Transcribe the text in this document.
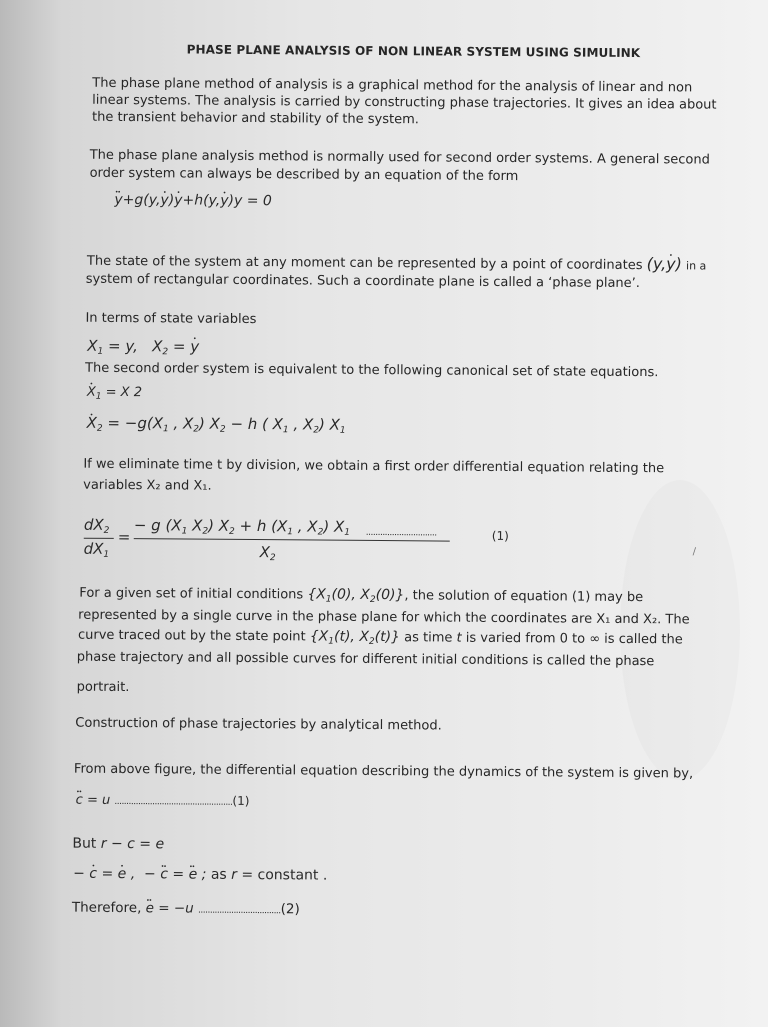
PHASE PLANE ANALYSIS OF NON LINEAR SYSTEM USING SIMULINK
The phase plane method of analysis is a graphical method for the analysis of linear and non
linear systems. The analysis is carried by constructing phase trajectories. It gives an idea about
the transient behavior and stability of the system.
The phase plane analysis method is normally used for second order systems. A general second
order system can always be described by an equation of the form
y ••+g(y,y •)y •+h(y,y •)y = 0
The state of the system at any moment can be represented by a point of coordinates (y,y •) in a
system of rectangular coordinates. Such a coordinate plane is called a ‘phase plane’.
In terms of state variables
$X_1 = y$,   $X_2 = y$ •
The second order system is equivalent to the following canonical set of state equations.
X $•_1 = X$ 2
X $•_2 = -g(X_1$ , $X_2$) $X_2 - h$ ( $X_1$ , $X_2$) $X_1$
If we eliminate time t by division, we obtain a first order differential equation relating the
variables X₂ and X₁.
$dX_2$
$dX_1$
=
− g ($X_1$ $X_2$) $X_2 + h$ ($X_1$ , $X_2$) $X_1$
$X_2$
..............................	(1)
For a given set of initial conditions {$X_1(0)$, $X_2(0)$}, the solution of equation (1) may be
represented by a single curve in the phase plane for which the coordinates are X₁ and X₂. The
curve traced out by the state point {$X_1(t)$, $X_2(t)$} as time t is varied from 0 to ∞ is called the
phase trajectory and all possible curves for different initial conditions is called the phase
portrait.
Construction of phase trajectories by analytical method.
From above figure, the differential equation describing the dynamics of the system is given by,
c •• = u ..................................................(1)
But r − c = e
− c • = e • ,  − c •• = e •• ; as r = constant .
Therefore, e •• = −u ...................................(2)
/
